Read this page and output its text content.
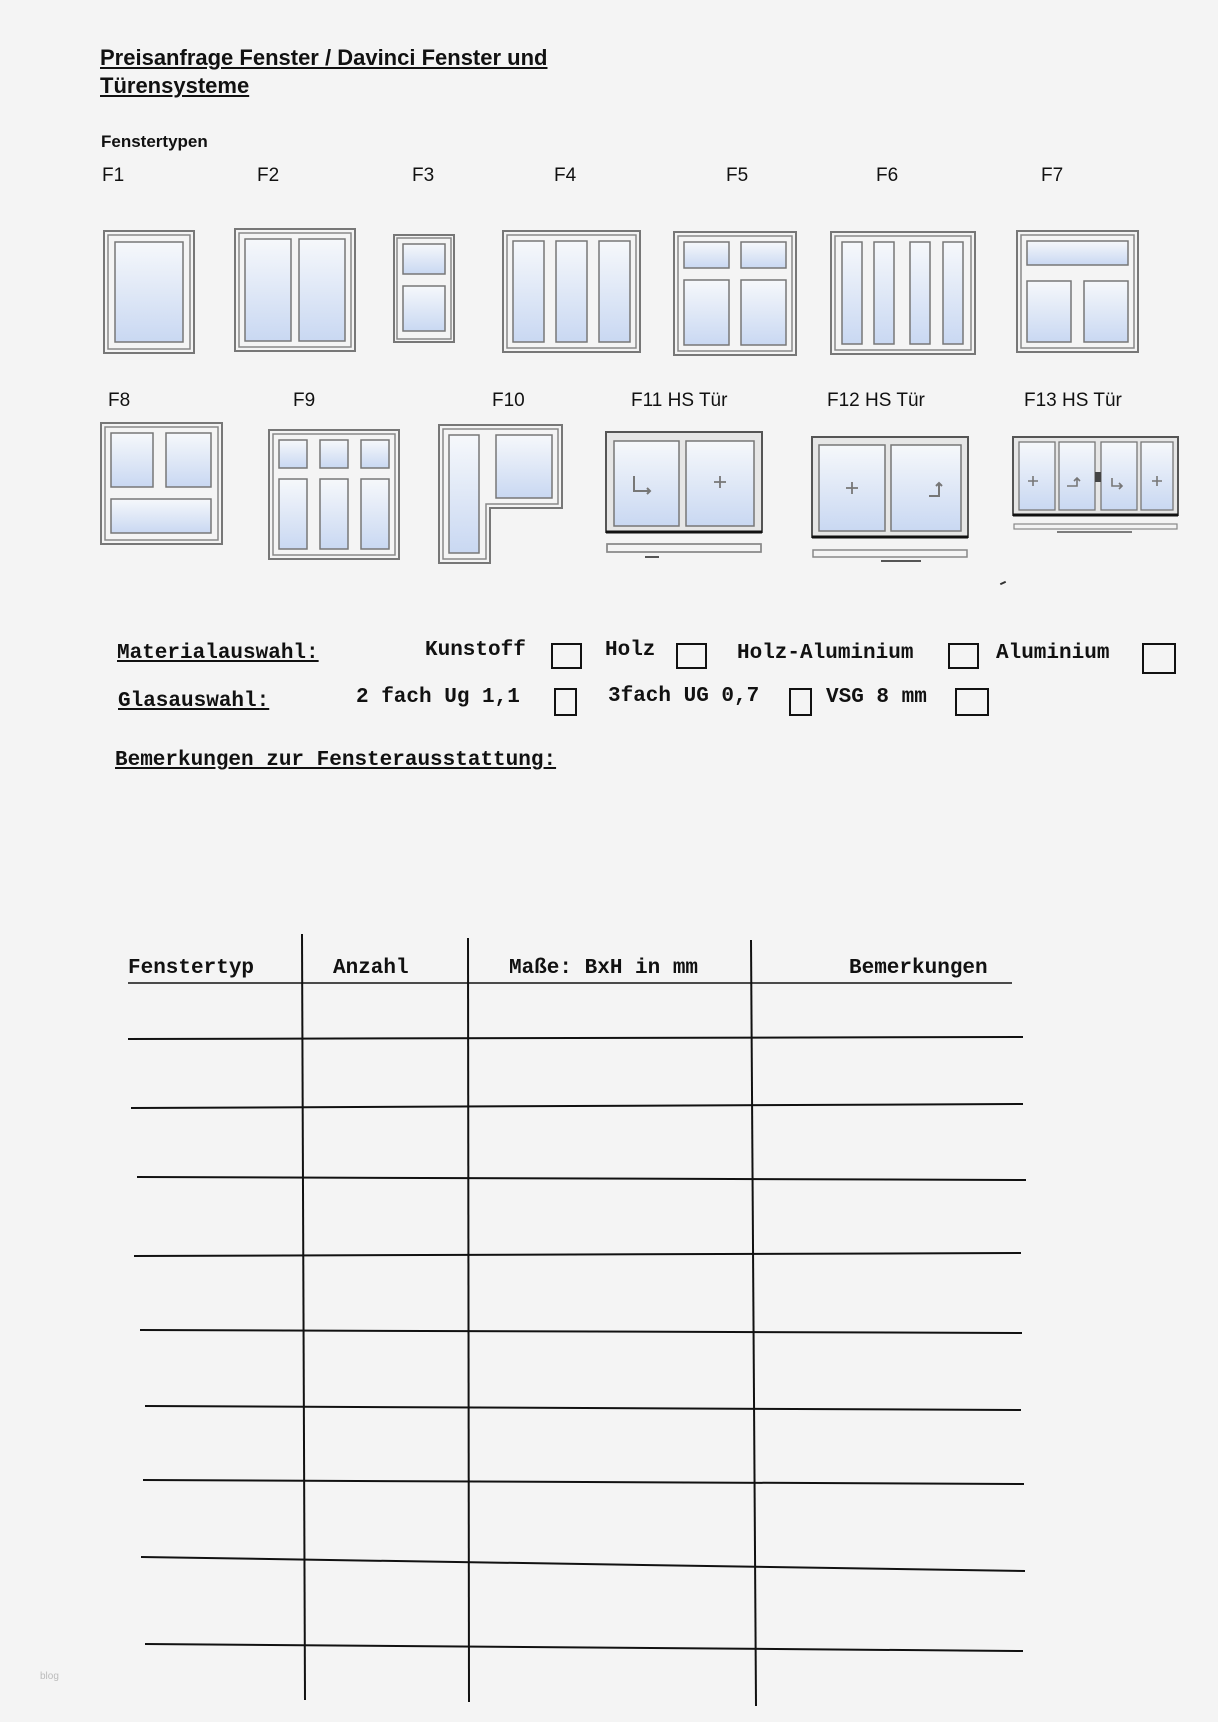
Preisanfrage Fenster / Davinci Fenster und
Türensysteme
Fenstertypen
F1	F2	F3	F4	F5	F6	F7
F8	F9	F10	F11 HS Tür	F12 HS Tür	F13 HS Tür
Materialauswahl:	Kunstoff	Holz	Holz-Aluminium	Aluminium
Glasauswahl:	2 fach Ug 1,1	3fach UG 0,7	VSG 8 mm
Bemerkungen zur Fensterausstattung:
Fenstertyp	Anzahl	Maße: BxH in mm	Bemerkungen
blog
